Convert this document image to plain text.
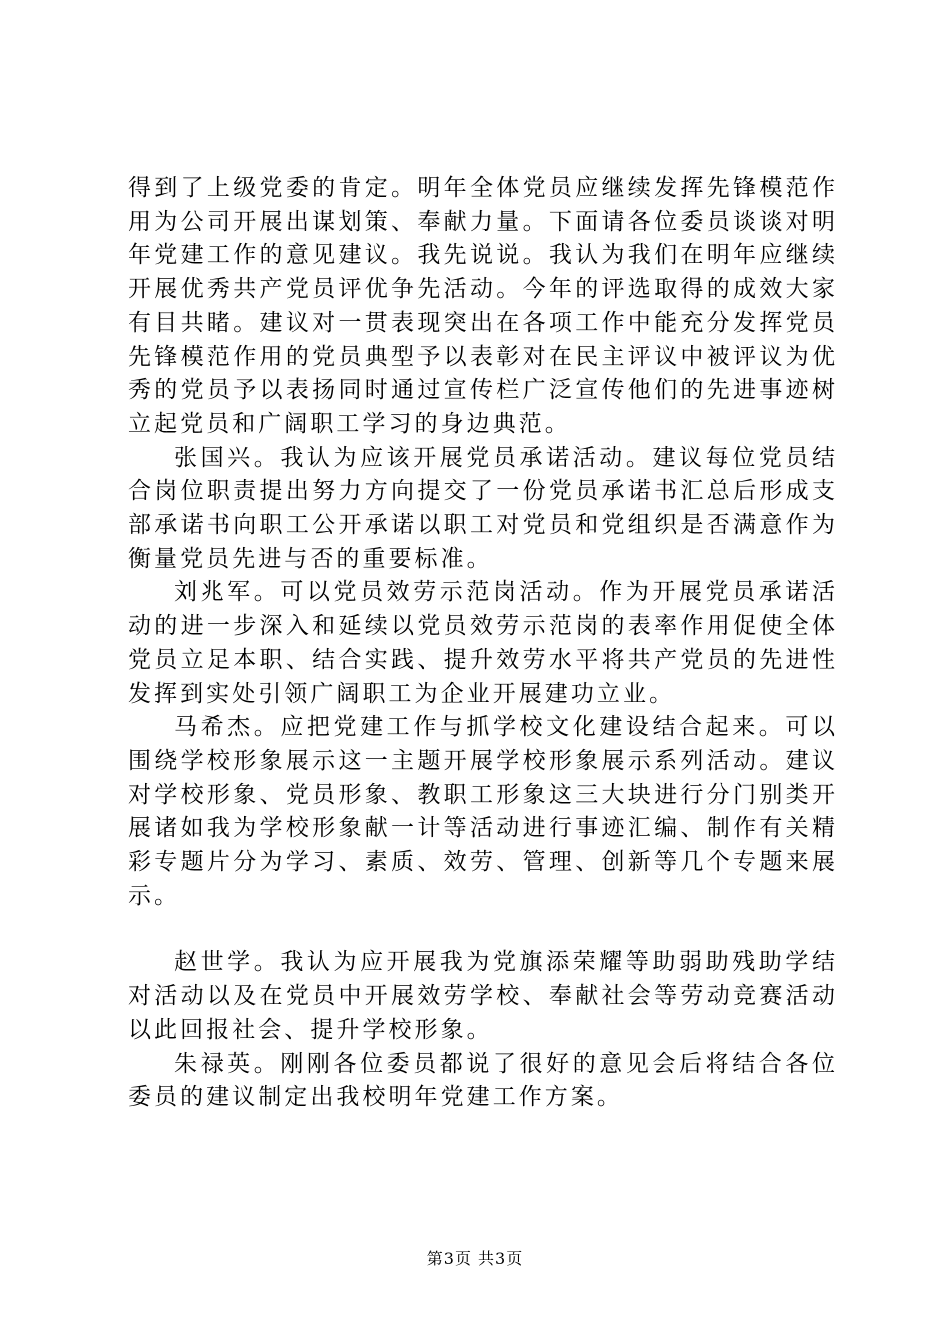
得到了上级党委的肯定。明年全体党员应继续发挥先锋模范作用为公司开展出谋划策、奉献力量。下面请各位委员谈谈对明年党建工作的意见建议。我先说说。我认为我们在明年应继续开展优秀共产党员评优争先活动。今年的评选取得的成效大家有目共睹。建议对一贯表现突出在各项工作中能充分发挥党员先锋模范作用的党员典型予以表彰对在民主评议中被评议为优秀的党员予以表扬同时通过宣传栏广泛宣传他们的先进事迹树立起党员和广阔职工学习的身边典范。

张国兴。我认为应该开展党员承诺活动。建议每位党员结合岗位职责提出努力方向提交了一份党员承诺书汇总后形成支部承诺书向职工公开承诺以职工对党员和党组织是否满意作为衡量党员先进与否的重要标准。

刘兆军。可以党员效劳示范岗活动。作为开展党员承诺活动的进一步深入和延续以党员效劳示范岗的表率作用促使全体党员立足本职、结合实践、提升效劳水平将共产党员的先进性发挥到实处引领广阔职工为企业开展建功立业。

马希杰。应把党建工作与抓学校文化建设结合起来。可以围绕学校形象展示这一主题开展学校形象展示系列活动。建议对学校形象、党员形象、教职工形象这三大块进行分门别类开展诸如我为学校形象献一计等活动进行事迹汇编、制作有关精彩专题片分为学习、素质、效劳、管理、创新等几个专题来展示。

赵世学。我认为应开展我为党旗添荣耀等助弱助残助学结对活动以及在党员中开展效劳学校、奉献社会等劳动竞赛活动以此回报社会、提升学校形象。

朱禄英。刚刚各位委员都说了很好的意见会后将结合各位委员的建议制定出我校明年党建工作方案。

第3页 共3页
